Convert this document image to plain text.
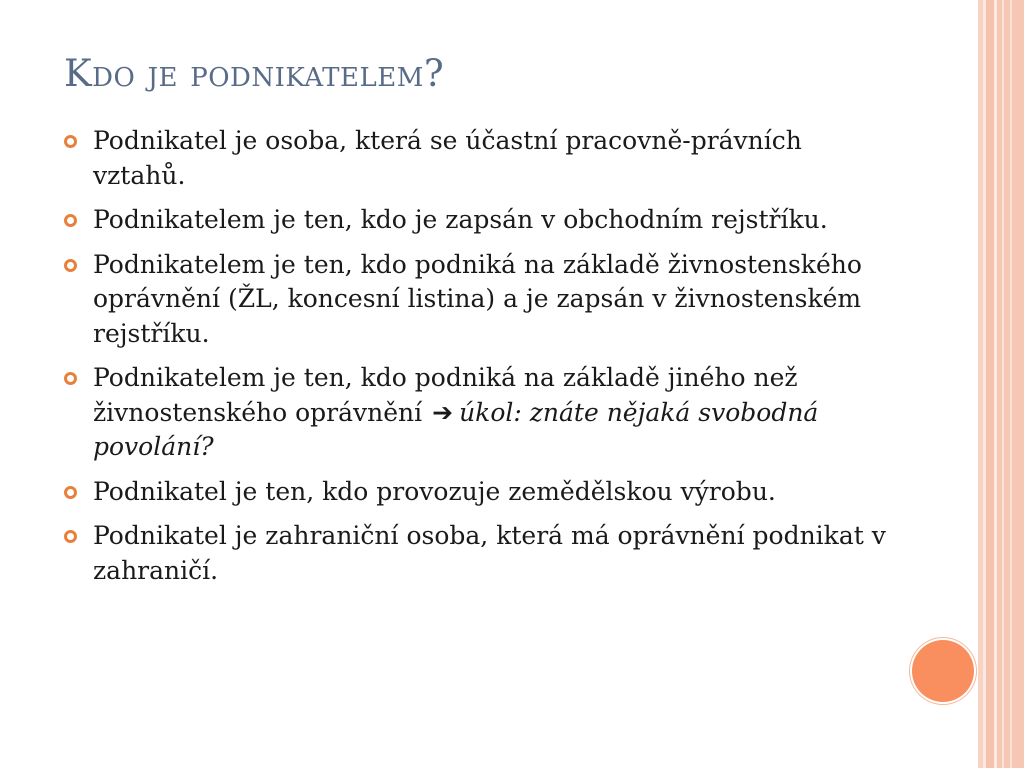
Kdo je podnikatelem?
Podnikatel je osoba, která se účastní pracovně-právních vztahů.
Podnikatelem je ten, kdo je zapsán v obchodním rejstříku.
Podnikatelem je ten, kdo podniká na základě živnostenského oprávnění (ŽL, koncesní listina) a je zapsán v živnostenském rejstříku.
Podnikatelem je ten, kdo podniká na základě jiného než živnostenského oprávnění ➔ úkol: znáte nějaká svobodná povolání?
Podnikatel je ten, kdo provozuje zemědělskou výrobu.
Podnikatel je zahraniční osoba, která má oprávnění podnikat v zahraničí.
